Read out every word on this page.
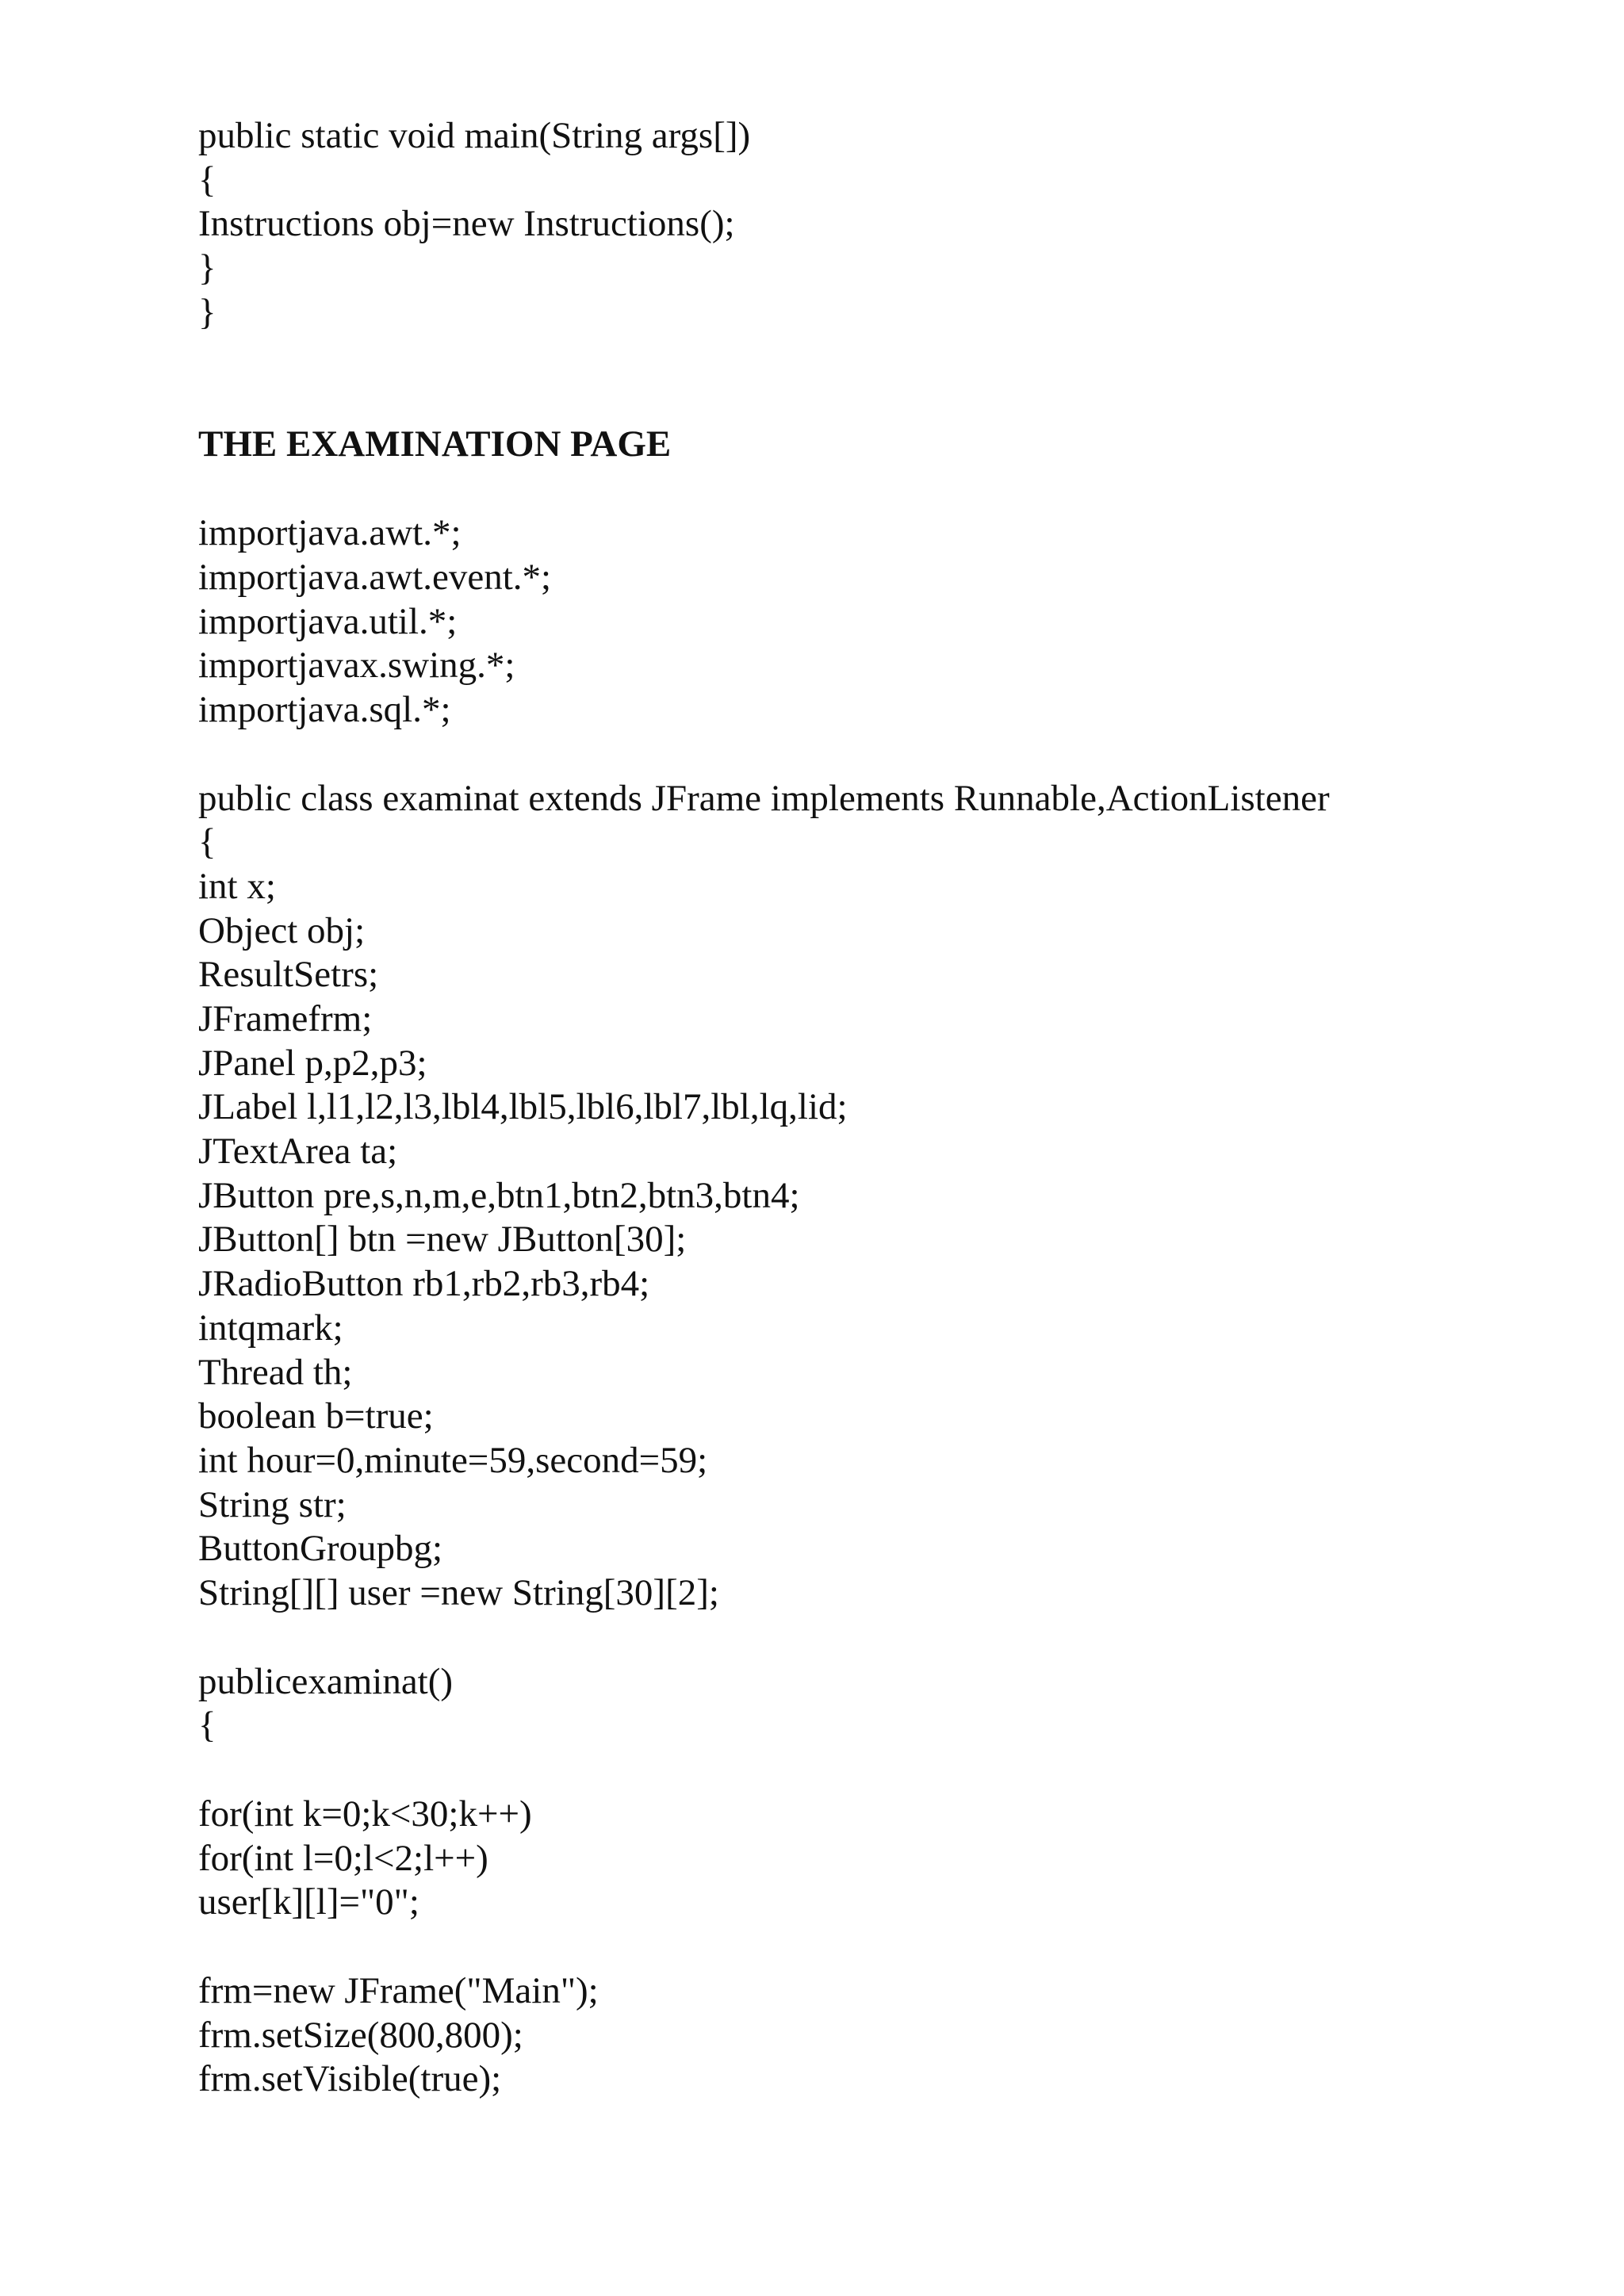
public static void main(String args[])
{
Instructions obj=new Instructions();
}
}
THE EXAMINATION PAGE
importjava.awt.*;
importjava.awt.event.*;
importjava.util.*;
importjavax.swing.*;
importjava.sql.*;
public class examinat extends JFrame implements Runnable,ActionListener
{
int x;
Object obj;
ResultSetrs;
JFramefrm;
JPanel p,p2,p3;
JLabel l,l1,l2,l3,lbl4,lbl5,lbl6,lbl7,lbl,lq,lid;
JTextArea ta;
JButton pre,s,n,m,e,btn1,btn2,btn3,btn4;
JButton[] btn =new JButton[30];
JRadioButton rb1,rb2,rb3,rb4;
intqmark;
Thread th;
boolean b=true;
int hour=0,minute=59,second=59;
String str;
ButtonGroupbg;
String[][] user =new String[30][2];
publicexaminat()
{
for(int k=0;k<30;k++)
for(int l=0;l<2;l++)
user[k][l]="0";
frm=new JFrame("Main");
frm.setSize(800,800);
frm.setVisible(true);
